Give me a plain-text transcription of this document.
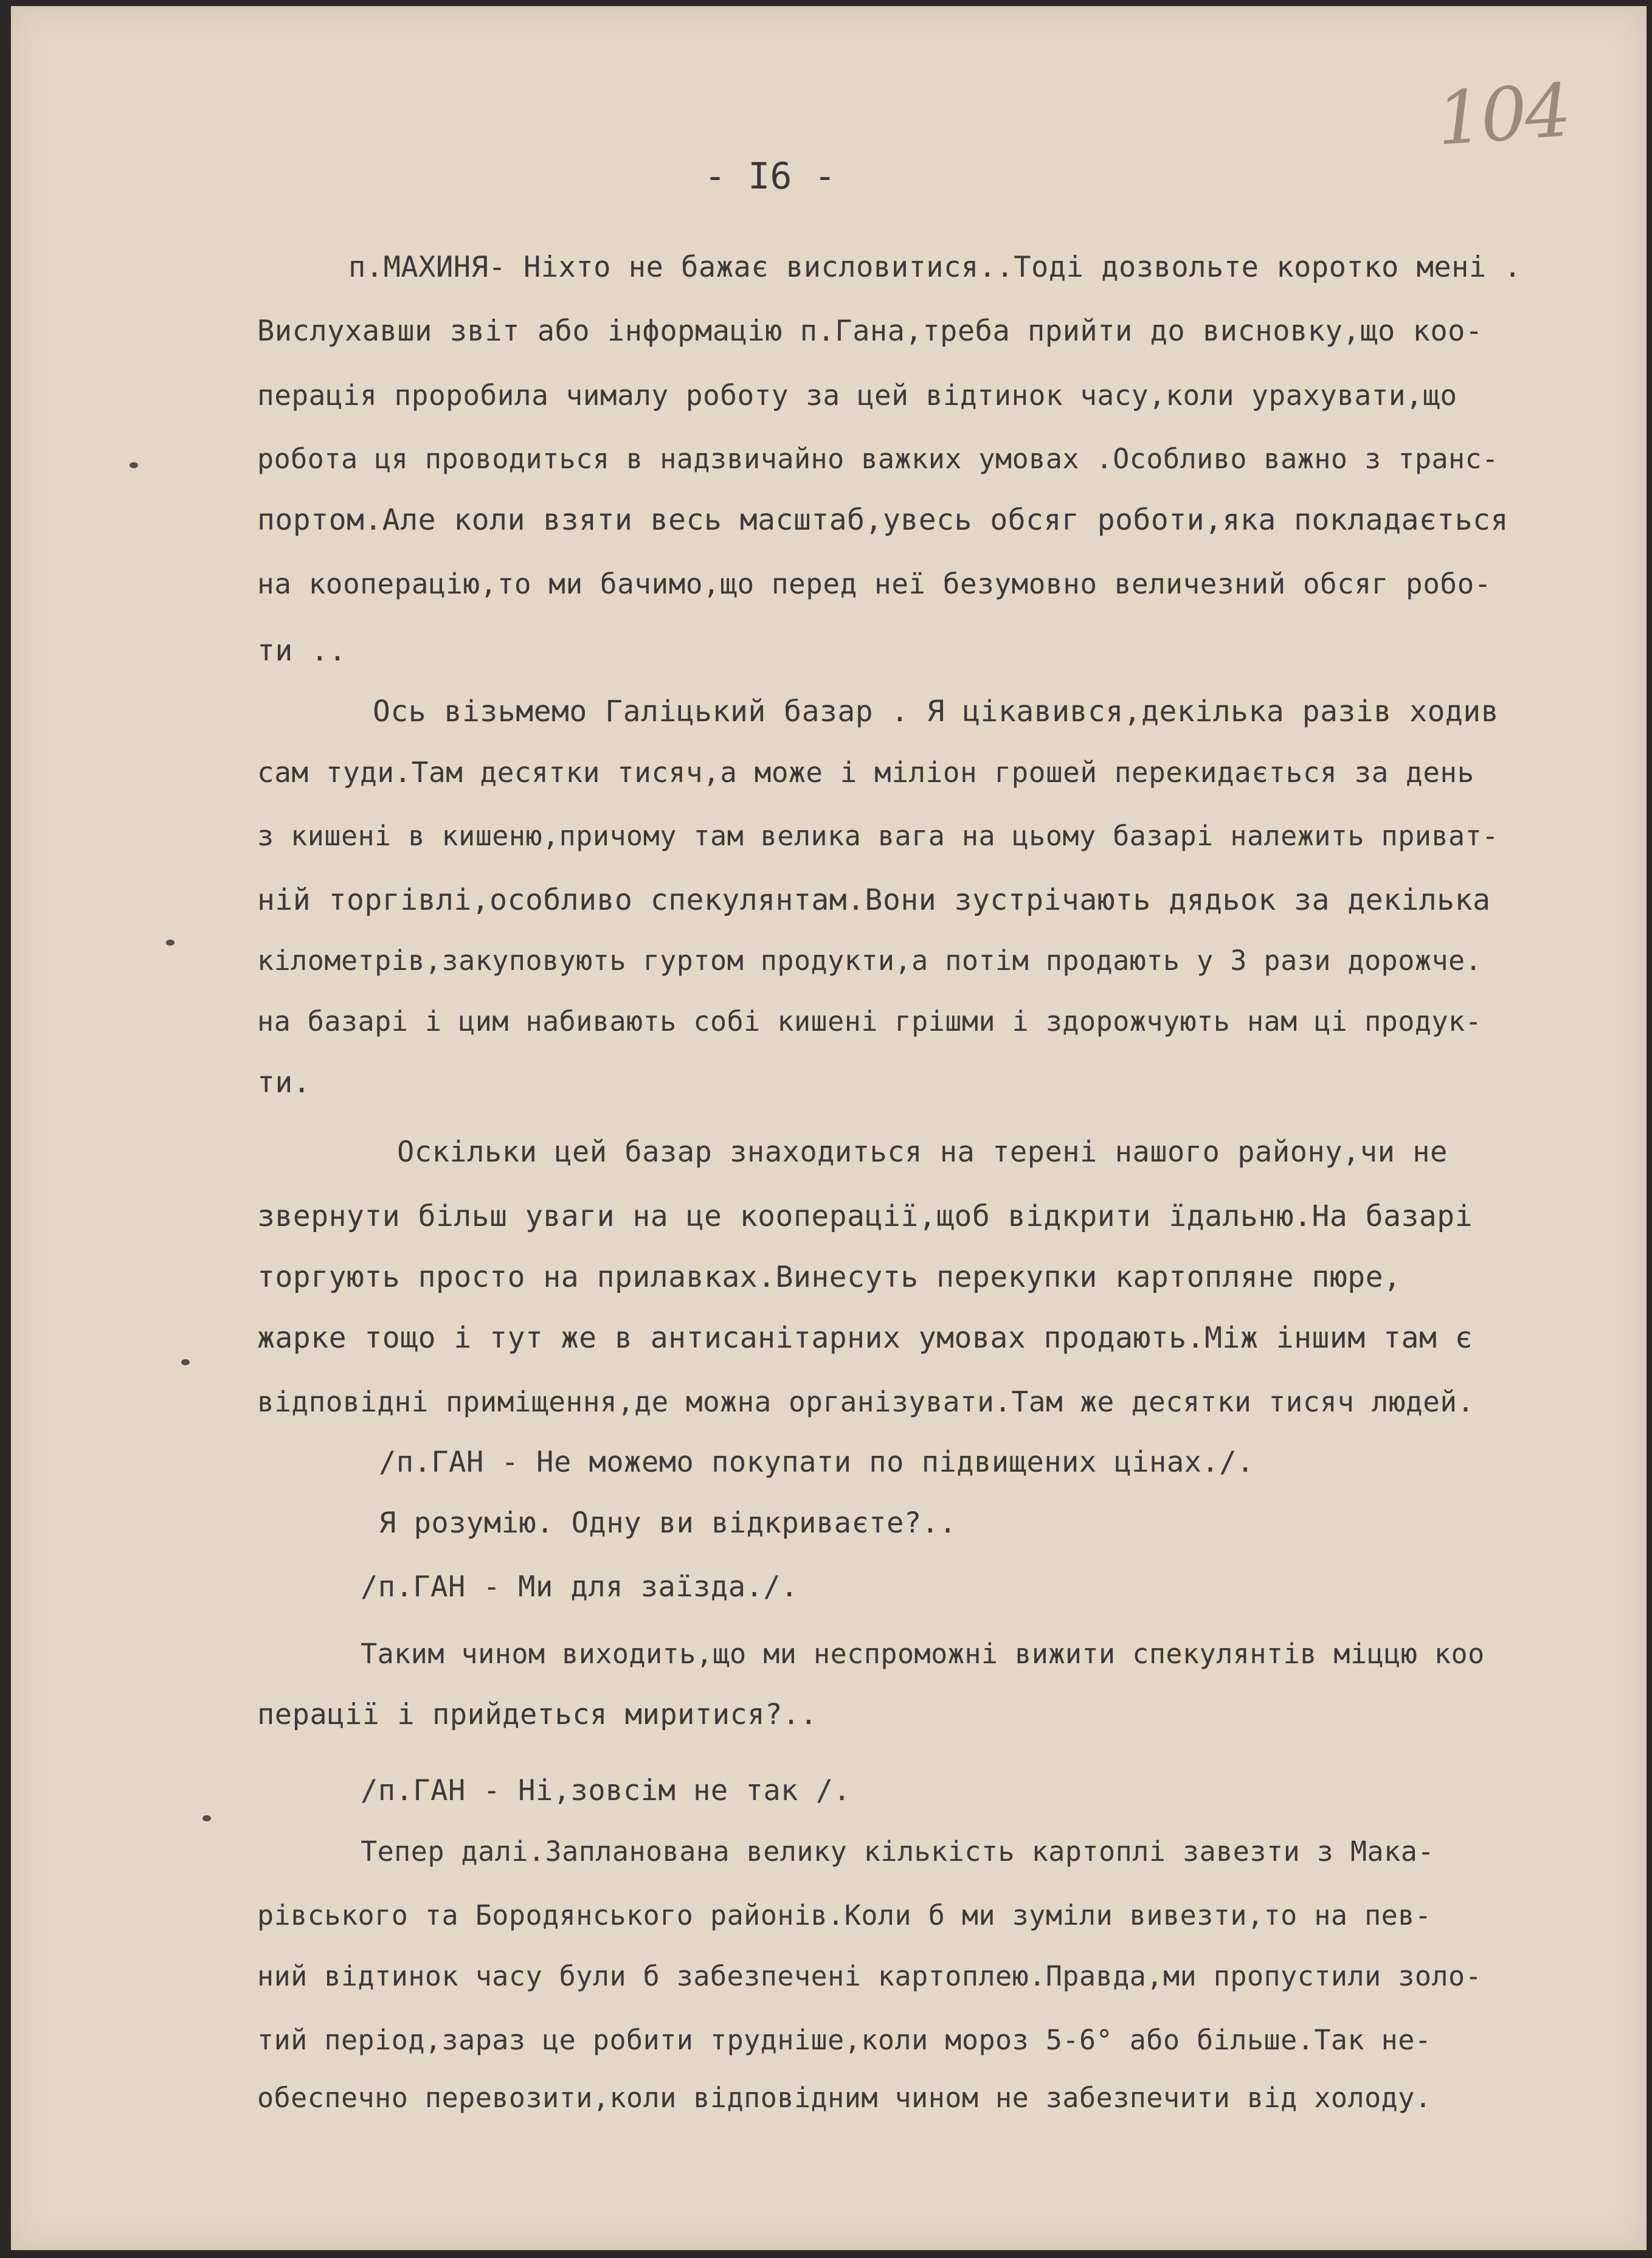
104
- I6 -
п.МАХИНЯ- Ніхто не бажає висловитися..Тоді дозвольте коротко мені .
Вислухавши звіт або інформацію п.Гана,треба прийти до висновку,що коо-
перація проробила чималу роботу за цей відтинок часу,коли урахувати,що
робота ця проводиться в надзвичайно важких умовах .Особливо важно з транс-
портом.Але коли взяти весь масштаб,увесь обсяг роботи,яка покладається
на кооперацію,то ми бачимо,що перед неї безумовно величезний обсяг робо-
ти ..
Ось візьмемо Галіцький базар . Я цікавився,декілька разів ходив
сам туди.Там десятки тисяч,а може і міліон грошей перекидається за день
з кишені в кишеню,причому там велика вага на цьому базарі належить приват-
ній торгівлі,особливо спекулянтам.Вони зустрічають дядьок за декілька
кілометрів,закуповують гуртом продукти,а потім продають у 3 рази дорожче.
на базарі і цим набивають собі кишені грішми і здорожчують нам ці продук-
ти.
Оскільки цей базар знаходиться на терені нашого району,чи не
звернути більш уваги на це кооперації,щоб відкрити їдальню.На базарі
торгують просто на прилавках.Винесуть перекупки картопляне пюре,
жарке тощо і тут же в антисанітарних умовах продають.Між іншим там є
відповідні приміщення,де можна організувати.Там же десятки тисяч людей.
/п.ГАН - Не можемо покупати по підвищених цінах./.
Я розумію. Одну ви відкриваєте?..
/п.ГАН - Ми для заїзда./.
Таким чином виходить,що ми неспроможні вижити спекулянтів міццю коо
перації і прийдеться миритися?..
/п.ГАН - Ні,зовсім не так /.
Тепер далі.Запланована велику кількість картоплі завезти з Мака-
рівського та Бородянського районів.Коли б ми зуміли вивезти,то на пев-
ний відтинок часу були б забезпечені картоплею.Правда,ми пропустили золо-
тий період,зараз це робити трудніше,коли мороз 5-6° або більше.Так не-
обеспечно перевозити,коли відповідним чином не забезпечити від холоду.
